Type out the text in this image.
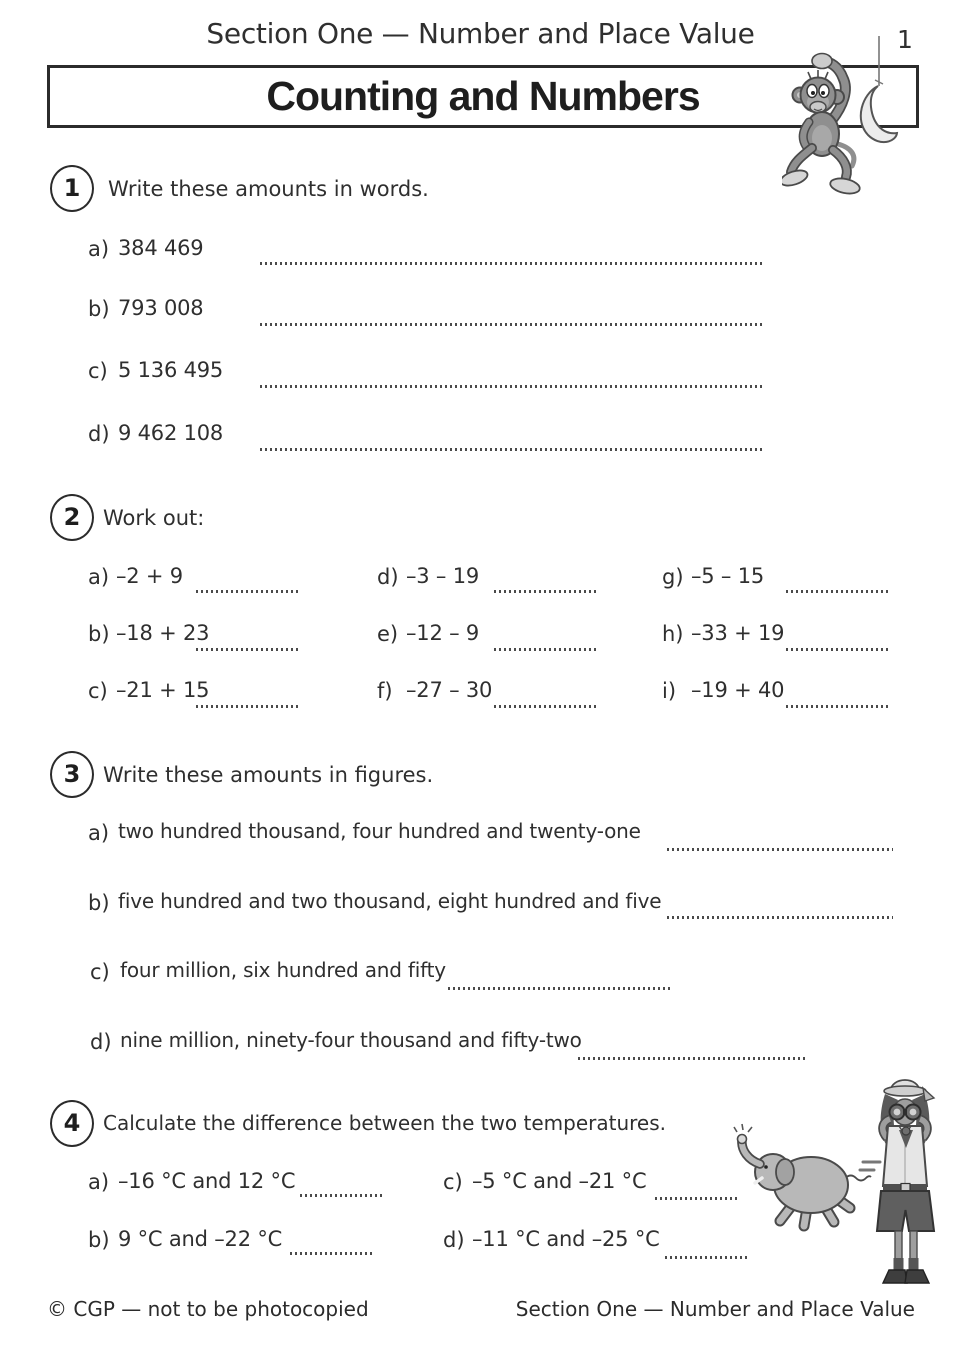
Section One — Number and Place Value	1
Counting and Numbers
1 Write these amounts in words.
a) 384 469
b) 793 008
c) 5 136 495
d) 9 462 108
2 Work out:
a) –2 + 9
b) –18 + 23
c) –21 + 15
d) –3 – 19
e) –12 – 9
f) –27 – 30
g) –5 – 15
h) –33 + 19
i) –19 + 40
3 Write these amounts in figures.
a) two hundred thousand, four hundred and twenty-one
b) five hundred and two thousand, eight hundred and five
c) four million, six hundred and fifty
d) nine million, ninety-four thousand and fifty-two
4 Calculate the difference between the two temperatures.
a) –16 °C and 12 °C
b) 9 °C and –22 °C
c) –5 °C and –21 °C
d) –11 °C and –25 °C
© CGP — not to be photocopied	Section One — Number and Place Value
